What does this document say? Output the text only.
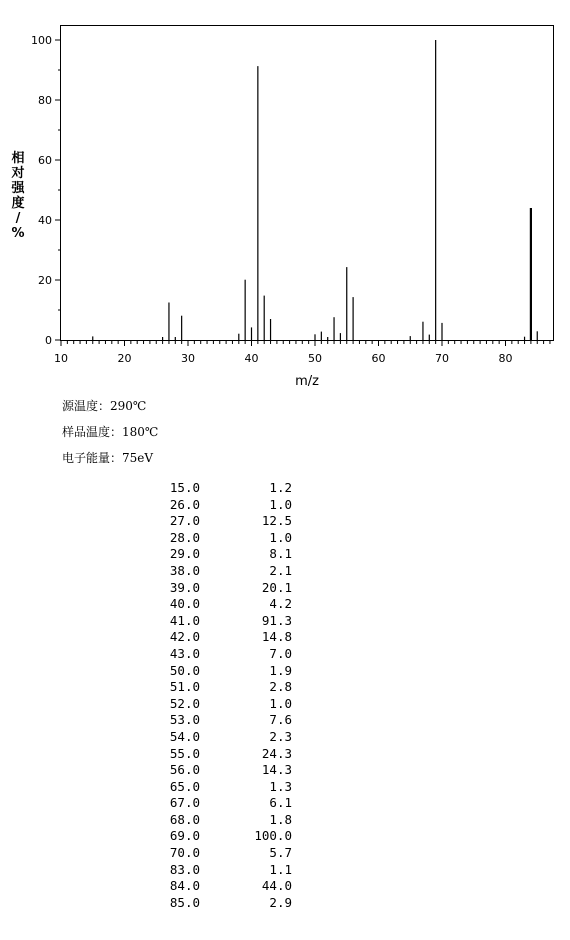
10	20	30	40	50	60	70	80
0
20
40
60
80
100
相
对
强
度
/
%
m/z
源温度：290℃
样品温度：180℃
电子能量：75eV
15.0	1.2
26.0	1.0
27.0	12.5
28.0	1.0
29.0	8.1
38.0	2.1
39.0	20.1
40.0	4.2
41.0	91.3
42.0	14.8
43.0	7.0
50.0	1.9
51.0	2.8
52.0	1.0
53.0	7.6
54.0	2.3
55.0	24.3
56.0	14.3
65.0	1.3
67.0	6.1
68.0	1.8
69.0	100.0
70.0	5.7
83.0	1.1
84.0	44.0
85.0	2.9
